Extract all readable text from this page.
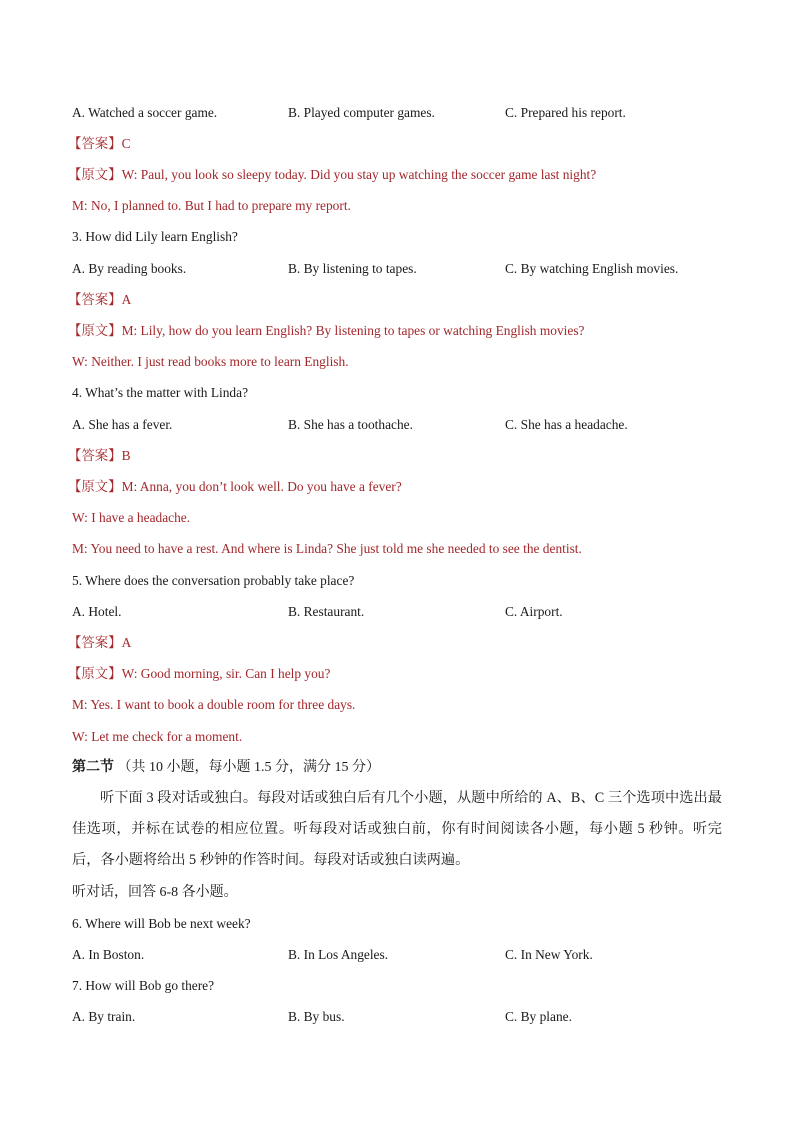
A. Watched a soccer game.	B. Played computer games.	C. Prepared his report.
【答案】C
【原文】W: Paul, you look so sleepy today. Did you stay up watching the soccer game last night?
M: No, I planned to. But I had to prepare my report.
3. How did Lily learn English?
A. By reading books.	B. By listening to tapes.	C. By watching English movies.
【答案】A
【原文】M: Lily, how do you learn English? By listening to tapes or watching English movies?
W: Neither. I just read books more to learn English.
4. What’s the matter with Linda?
A. She has a fever.	B. She has a toothache.	C. She has a headache.
【答案】B
【原文】M: Anna, you don’t look well. Do you have a fever?
W: I have a headache.
M: You need to have a rest. And where is Linda? She just told me she needed to see the dentist.
5. Where does the conversation probably take place?
A. Hotel.	B. Restaurant.	C. Airport.
【答案】A
【原文】W: Good morning, sir. Can I help you?
M: Yes. I want to book a double room for three days.
W: Let me check for a moment.
第二节 （共 10 小题，每小题 1.5 分，满分 15 分）
听下面 3 段对话或独白。每段对话或独白后有几个小题，从题中所给的 A、B、C 三个选项中选出最佳选项，并标在试卷的相应位置。听每段对话或独白前，你有时间阅读各小题，每小题 5 秒钟。听完后，各小题将给出 5 秒钟的作答时间。每段对话或独白读两遍。
听对话，回答 6-8 各小题。
6. Where will Bob be next week?
A. In Boston.	B. In Los Angeles.	C. In New York.
7. How will Bob go there?
A. By train.	B. By bus.	C. By plane.
